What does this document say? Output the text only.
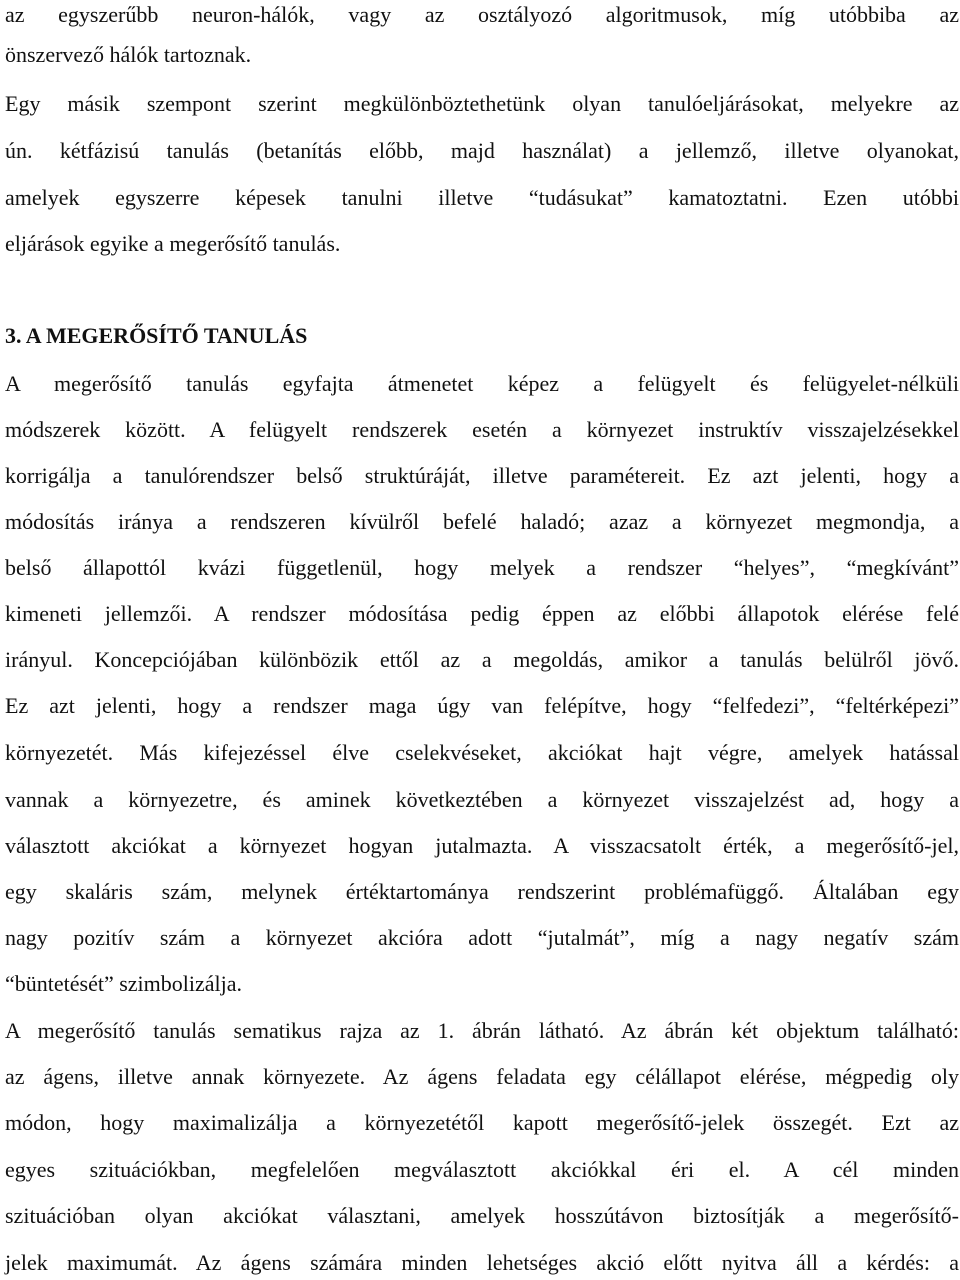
az egyszerűbb neuron-hálók, vagy az osztályozó algoritmusok, míg utóbbiba az
önszervező hálók tartoznak.
Egy másik szempont szerint megkülönböztethetünk olyan tanulóeljárásokat, melyekre az
ún. kétfázisú tanulás (betanítás előbb, majd használat) a jellemző, illetve olyanokat,
amelyek egyszerre képesek tanulni illetve “tudásukat” kamatoztatni. Ezen utóbbi
eljárások egyike a megerősítő tanulás.
3. A MEGERŐSÍTŐ TANULÁS
A megerősítő tanulás egyfajta átmenetet képez a felügyelt és felügyelet-nélküli
módszerek között. A felügyelt rendszerek esetén a környezet instruktív visszajelzésekkel
korrigálja a tanulórendszer belső struktúráját, illetve paramétereit. Ez azt jelenti, hogy a
módosítás iránya a rendszeren kívülről befelé haladó; azaz a környezet megmondja, a
belső állapottól kvázi függetlenül, hogy melyek a rendszer “helyes”, “megkívánt”
kimeneti jellemzői. A rendszer módosítása pedig éppen az előbbi állapotok elérése felé
irányul. Koncepciójában különbözik ettől az a megoldás, amikor a tanulás belülről jövő.
Ez azt jelenti, hogy a rendszer maga úgy van felépítve, hogy “felfedezi”, “feltérképezi”
környezetét. Más kifejezéssel élve cselekvéseket, akciókat hajt végre, amelyek hatással
vannak a környezetre, és aminek következtében a környezet visszajelzést ad, hogy a
választott akciókat a környezet hogyan jutalmazta. A visszacsatolt érték, a megerősítő-jel,
egy skaláris szám, melynek értéktartománya rendszerint problémafüggő. Általában egy
nagy pozitív szám a környezet akcióra adott “jutalmát”, míg a nagy negatív szám
“büntetését” szimbolizálja.
A megerősítő tanulás sematikus rajza az 1. ábrán látható. Az ábrán két objektum található:
az ágens, illetve annak környezete. Az ágens feladata egy célállapot elérése, mégpedig oly
módon, hogy maximalizálja a környezetétől kapott megerősítő-jelek összegét. Ezt az
egyes szituációkban, megfelelően megválasztott akciókkal éri el. A cél minden
szituációban olyan akciókat választani, amelyek hosszútávon biztosítják a megerősítő-
jelek maximumát. Az ágens számára minden lehetséges akció előtt nyitva áll a kérdés: a
